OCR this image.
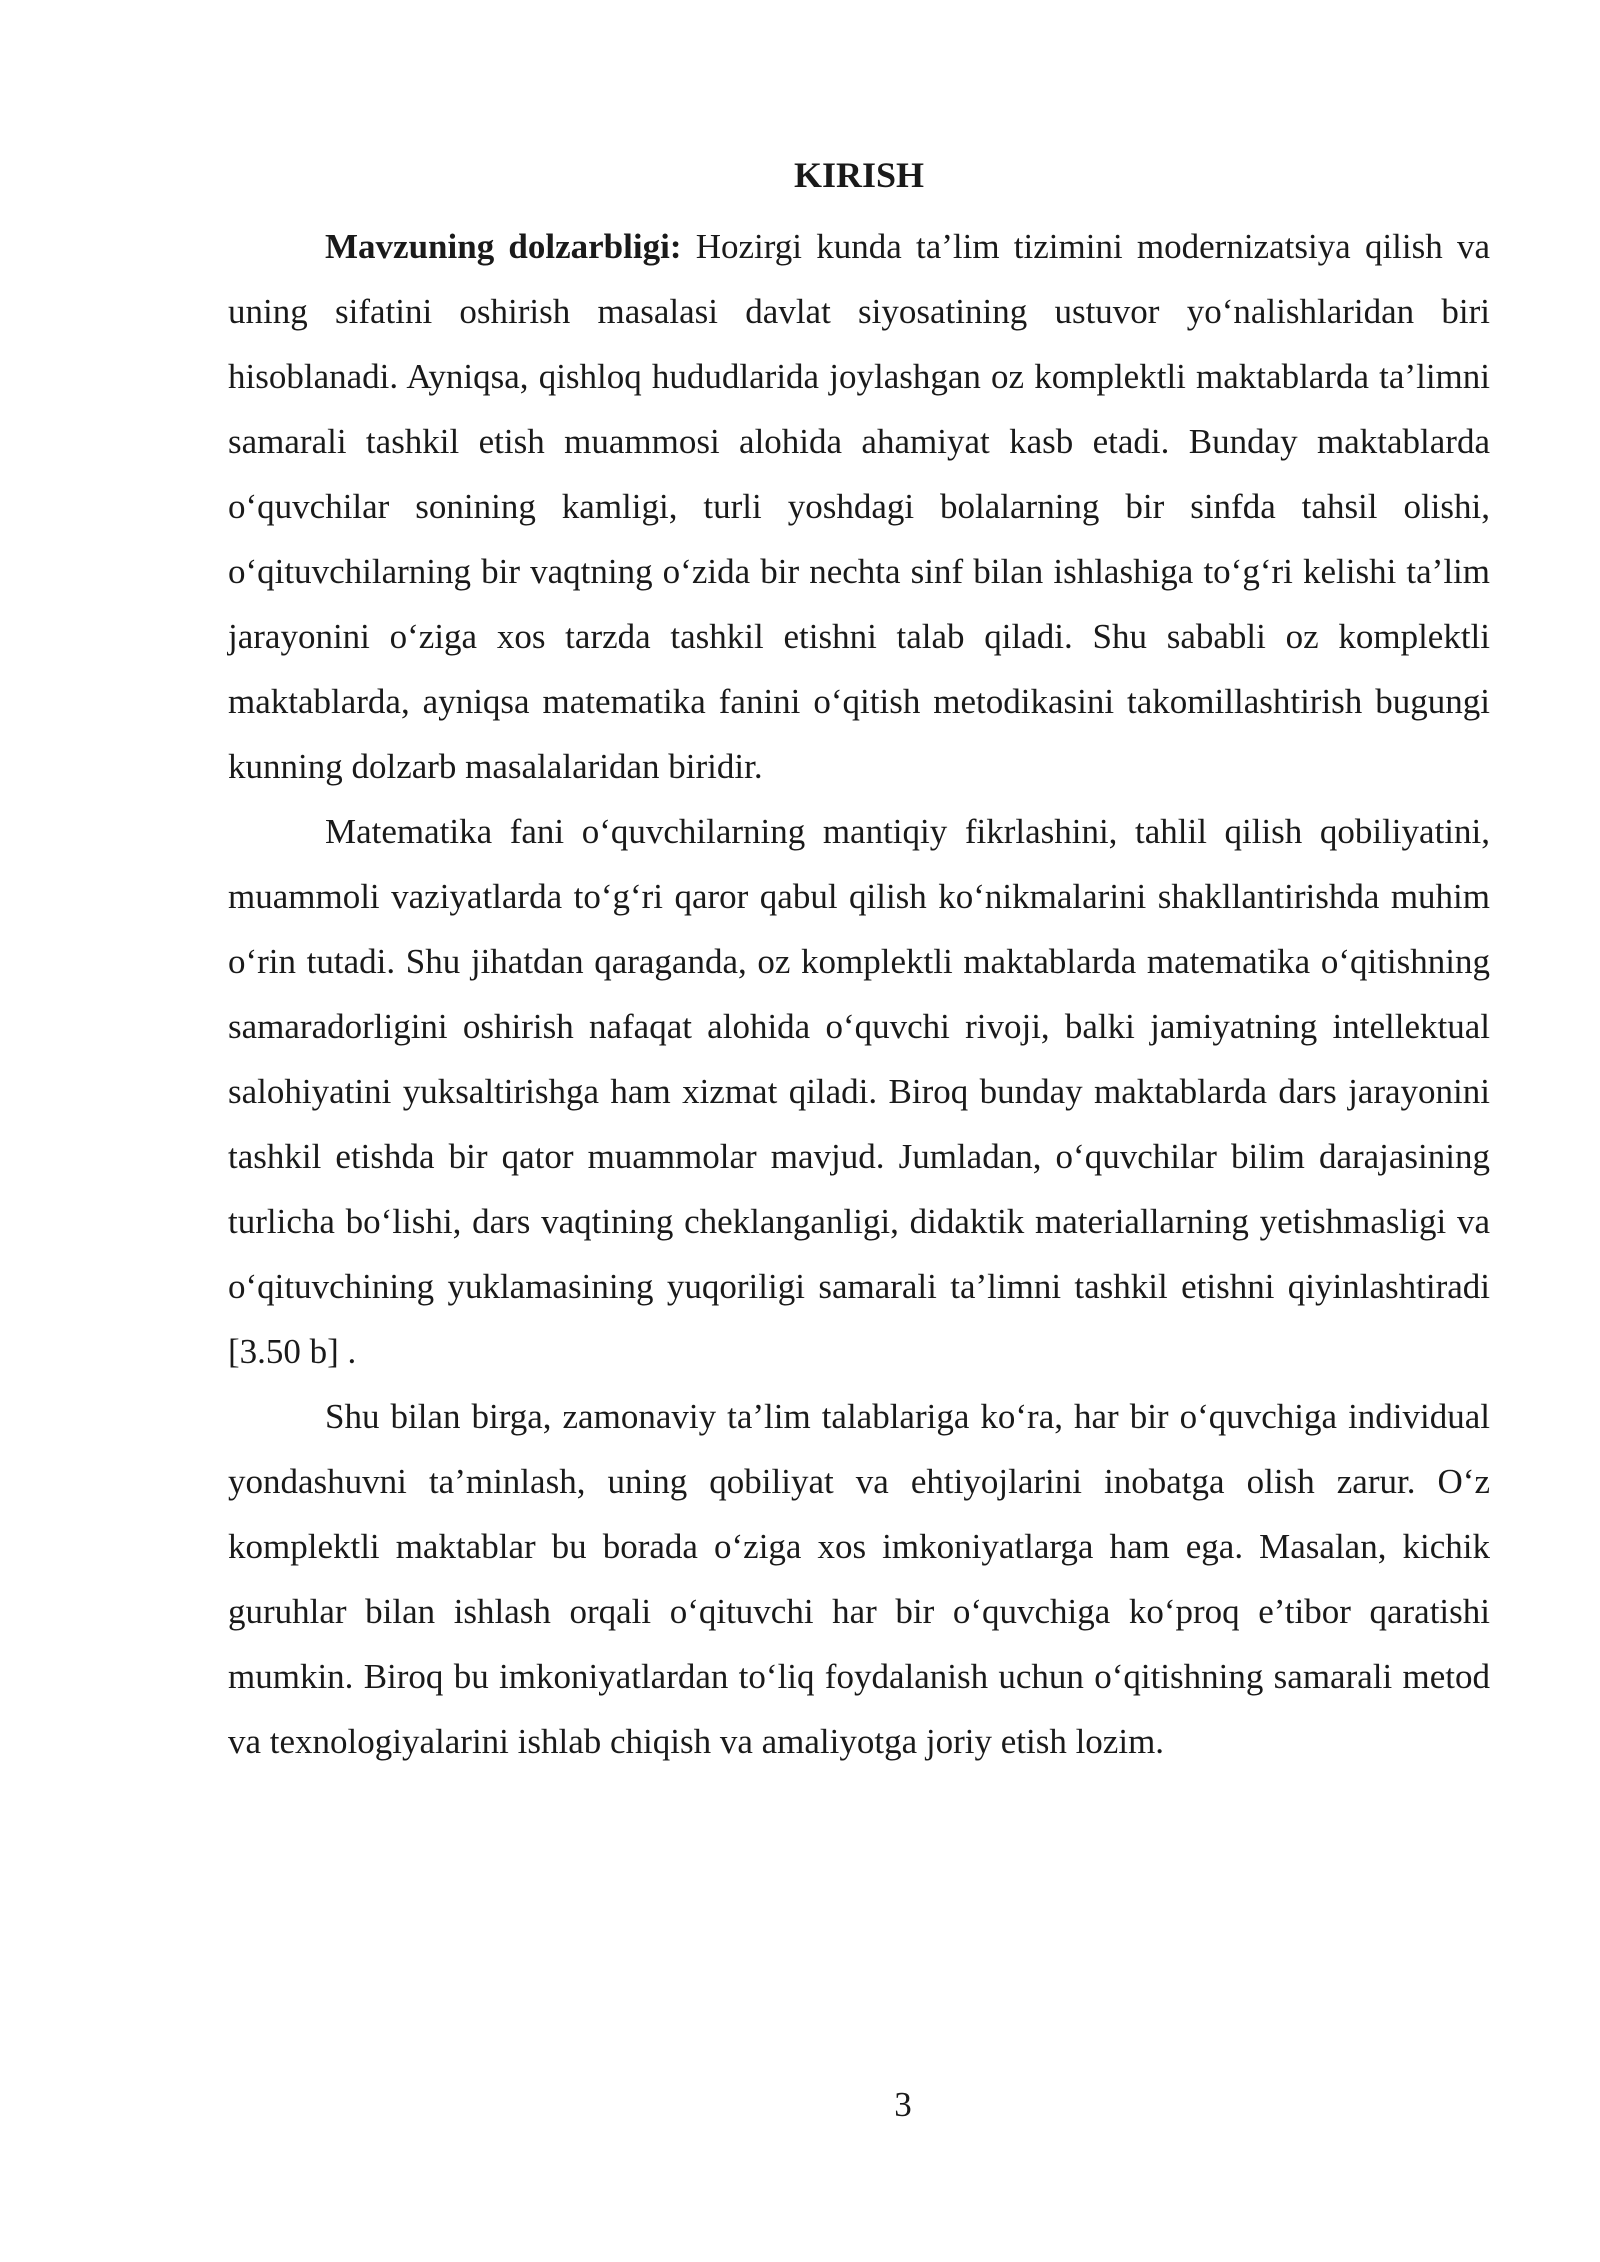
KIRISH

Mavzuning dolzarbligi: Hozirgi kunda ta’lim tizimini modernizatsiya qilish va uning sifatini oshirish masalasi davlat siyosatining ustuvor yo‘nalishlaridan biri hisoblanadi. Ayniqsa, qishloq hududlarida joylashgan oz komplektli maktablarda ta’limni samarali tashkil etish muammosi alohida ahamiyat kasb etadi. Bunday maktablarda o‘quvchilar sonining kamligi, turli yoshdagi bolalarning bir sinfda tahsil olishi, o‘qituvchilarning bir vaqtning o‘zida bir nechta sinf bilan ishlashiga to‘g‘ri kelishi ta’lim jarayonini o‘ziga xos tarzda tashkil etishni talab qiladi. Shu sababli oz komplektli maktablarda, ayniqsa matematika fanini o‘qitish metodikasini takomillashtirish bugungi kunning dolzarb masalalaridan biridir.

Matematika fani o‘quvchilarning mantiqiy fikrlashini, tahlil qilish qobiliyatini, muammoli vaziyatlarda to‘g‘ri qaror qabul qilish ko‘nikmalarini shakllantirishda muhim o‘rin tutadi. Shu jihatdan qaraganda, oz komplektli maktablarda matematika o‘qitishning samaradorligini oshirish nafaqat alohida o‘quvchi rivoji, balki jamiyatning intellektual salohiyatini yuksaltirishga ham xizmat qiladi. Biroq bunday maktablarda dars jarayonini tashkil etishda bir qator muammolar mavjud. Jumladan, o‘quvchilar bilim darajasining turlicha bo‘lishi, dars vaqtining cheklanganligi, didaktik materiallarning yetishmasligi va o‘qituvchining yuklamasining yuqoriligi samarali ta’limni tashkil etishni qiyinlashtiradi [3.50 b] .

Shu bilan birga, zamonaviy ta’lim talablariga ko‘ra, har bir o‘quvchiga individual yondashuvni ta’minlash, uning qobiliyat va ehtiyojlarini inobatga olish zarur. O‘z komplektli maktablar bu borada o‘ziga xos imkoniyatlarga ham ega. Masalan, kichik guruhlar bilan ishlash orqali o‘qituvchi har bir o‘quvchiga ko‘proq e’tibor qaratishi mumkin. Biroq bu imkoniyatlardan to‘liq foydalanish uchun o‘qitishning samarali metod va texnologiyalarini ishlab chiqish va amaliyotga joriy etish lozim.

3
